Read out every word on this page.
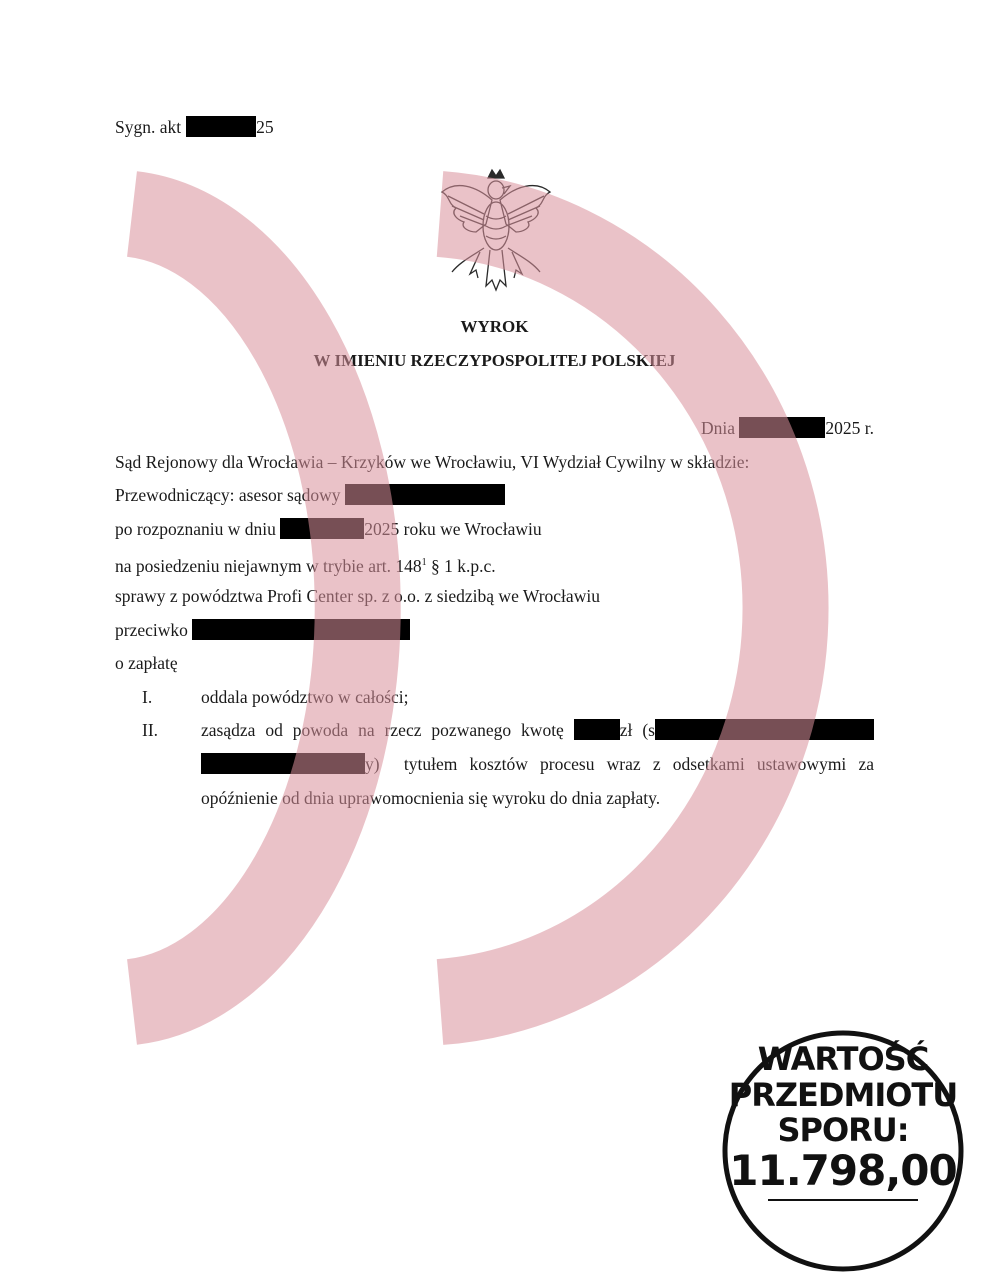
Sygn. akt	25
WYROK
W IMIENIU RZECZYPOSPOLITEJ POLSKIEJ
Dnia	2025 r.
Sąd Rejonowy dla Wrocławia – Krzyków we Wrocławiu, VI Wydział Cywilny w składzie:
Przewodniczący: asesor sądowy
po rozpoznaniu w dniu	2025 roku we Wrocławiu
na posiedzeniu niejawnym w trybie art. $148^1$ § 1 k.p.c.
sprawy z powództwa Profi Center sp. z o.o. z siedzibą we Wrocławiu
przeciwko
o zapłatę
I.	oddala powództwo w całości;
II. zasądza od powoda na rzecz pozwanego kwotę	zł (s y) tytułem kosztów procesu wraz z odsetkami ustawowymi za opóźnienie od dnia uprawomocnienia się wyroku do dnia zapłaty.
WARTOŚĆ
PRZEDMIOTU
SPORU:
11.798,00
